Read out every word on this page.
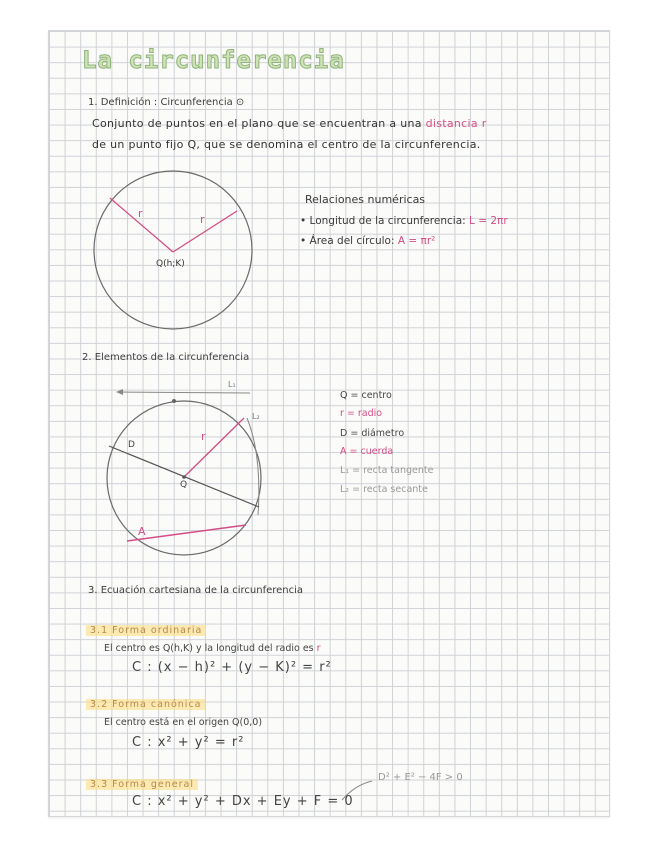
La circunferencia
1. Definición : Circunferencia ⊙
Conjunto de puntos en el plano que se encuentran a una distancia r
de un punto fijo Q, que se denomina el centro de la circunferencia.
r	r
Q(h;K)
Relaciones numéricas
• Longitud de la circunferencia: L = 2πr
• Área del círculo: A = πr²
2. Elementos de la circunferencia
L₁
L₂
D
r
Q
A
Q = centro
r = radio
D = diámetro
A = cuerda
L₁ = recta tangente
L₂ = recta secante
3. Ecuación cartesiana de la circunferencia
3.1 Forma ordinaria
El centro es Q(h,K) y la longitud del radio es r
C : (x − h)² + (y − K)² = r²
3.2 Forma canónica
El centro está en el origen Q(0,0)
C : x² + y² = r²
3.3 Forma general
C : x² + y² + Dx + Ey + F = 0
D² + E² − 4F > 0
